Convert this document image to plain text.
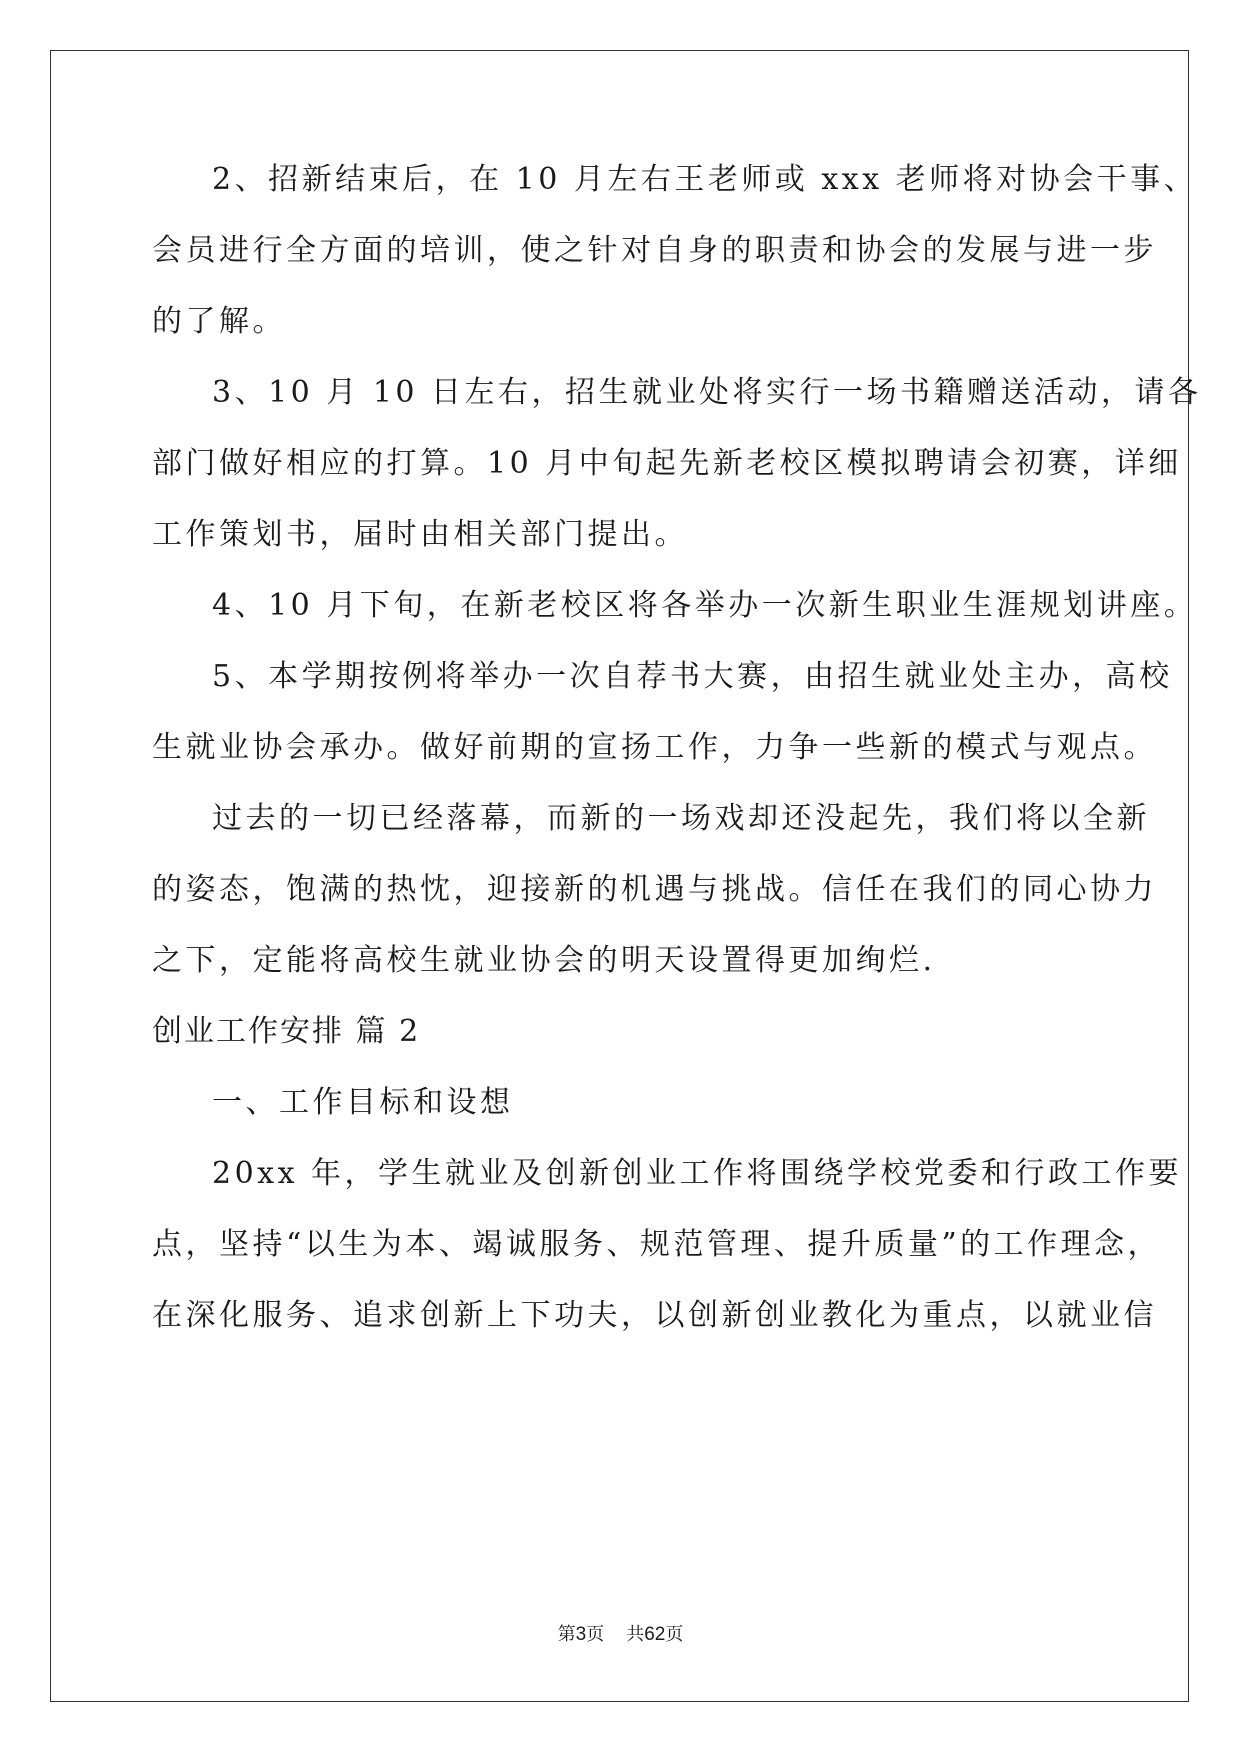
2、招新结束后，在 10 月左右王老师或 xxx 老师将对协会干事、
会员进行全方面的培训，使之针对自身的职责和协会的发展与进一步
的了解。
3、10 月 10 日左右，招生就业处将实行一场书籍赠送活动，请各
部门做好相应的打算。10 月中旬起先新老校区模拟聘请会初赛，详细
工作策划书，届时由相关部门提出。
4、10 月下旬，在新老校区将各举办一次新生职业生涯规划讲座。
5、本学期按例将举办一次自荐书大赛，由招生就业处主办，高校
生就业协会承办。做好前期的宣扬工作，力争一些新的模式与观点。
过去的一切已经落幕，而新的一场戏却还没起先，我们将以全新
的姿态，饱满的热忱，迎接新的机遇与挑战。信任在我们的同心协力
之下，定能将高校生就业协会的明天设置得更加绚烂.
创业工作安排 篇 2
一、工作目标和设想
20xx 年，学生就业及创新创业工作将围绕学校党委和行政工作要
点，坚持“以生为本、竭诚服务、规范管理、提升质量”的工作理念，
在深化服务、追求创新上下功夫，以创新创业教化为重点，以就业信
第3页 共62页
